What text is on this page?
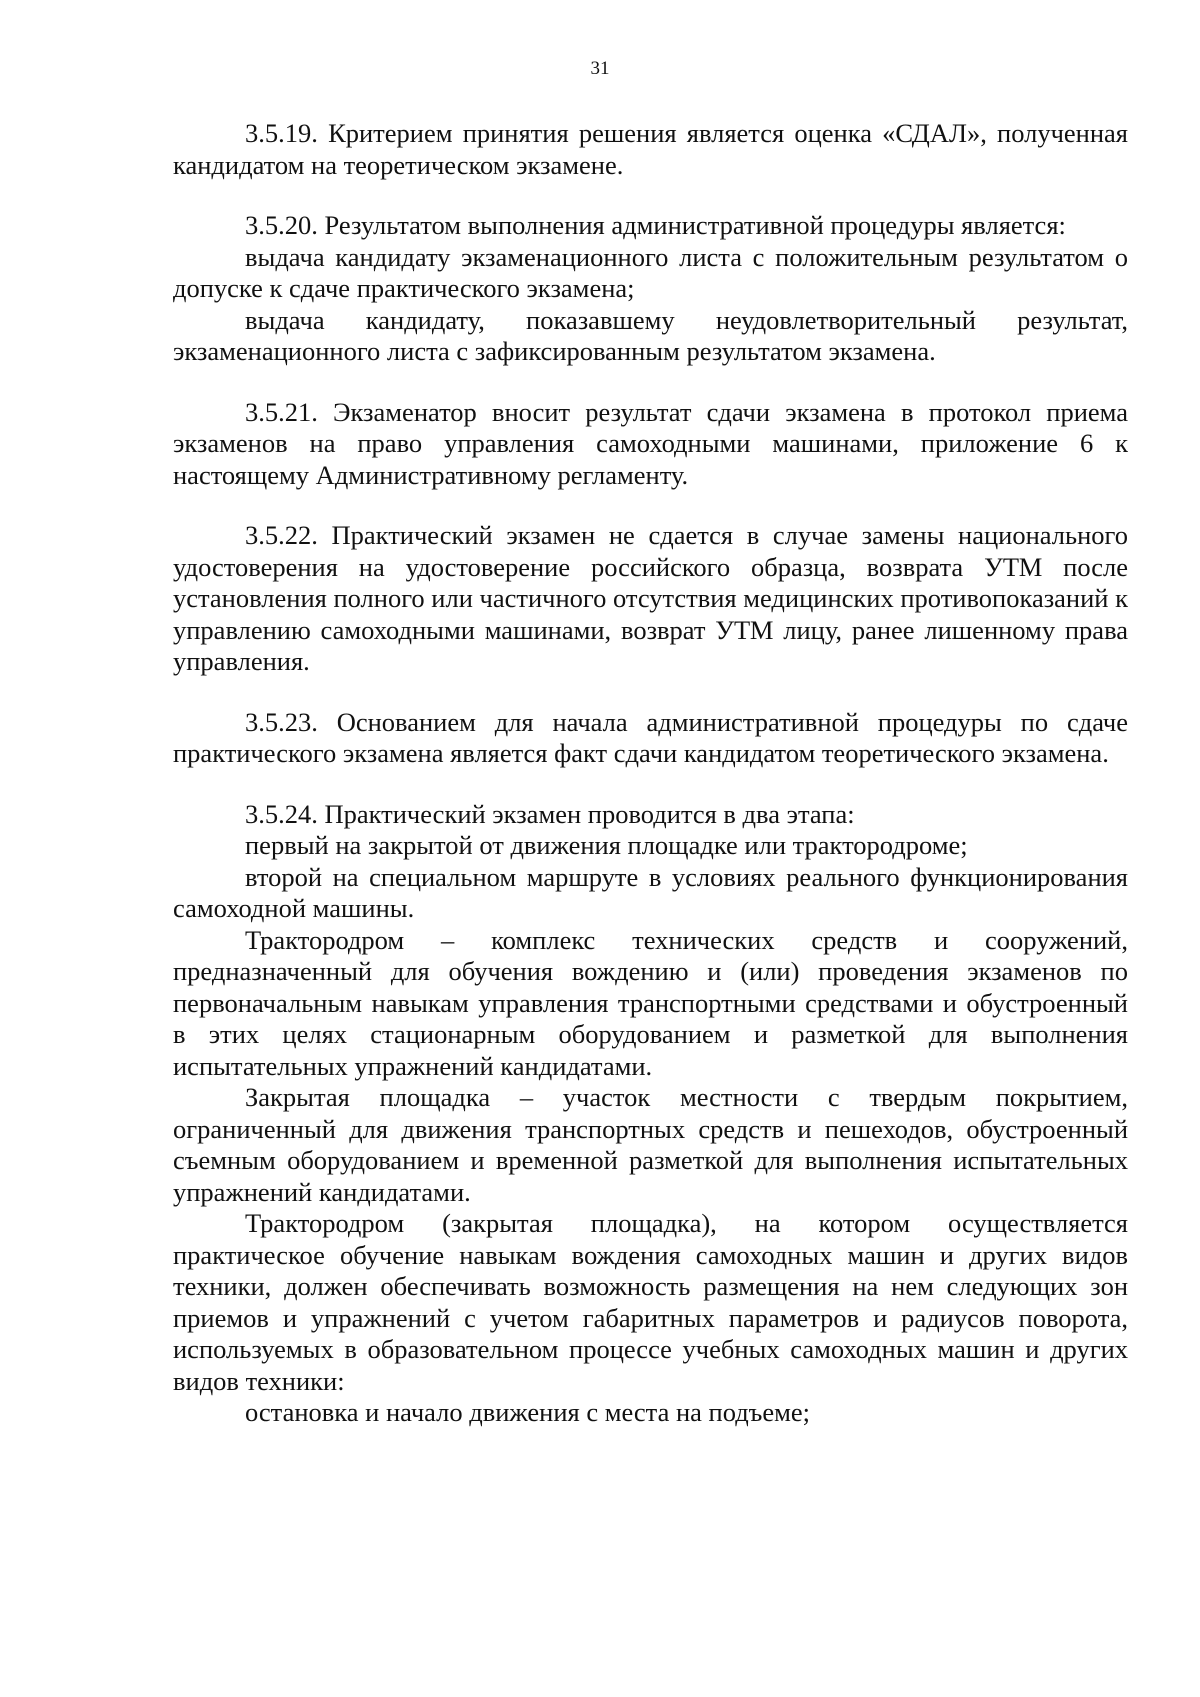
31

3.5.19. Критерием принятия решения является оценка «СДАЛ», полученная кандидатом на теоретическом экзамене.

3.5.20. Результатом выполнения административной процедуры является:

выдача кандидату экзаменационного листа с положительным результатом о допуске к сдаче практического экзамена;

выдача кандидату, показавшему неудовлетворительный результат, экзаменационного листа с зафиксированным результатом экзамена.

3.5.21. Экзаменатор вносит результат сдачи экзамена в протокол приема экзаменов на право управления самоходными машинами, приложение 6 к настоящему Административному регламенту.

3.5.22. Практический экзамен не сдается в случае замены национального удостоверения на удостоверение российского образца, возврата УТМ после установления полного или частичного отсутствия медицинских противопоказаний к управлению самоходными машинами, возврат УТМ лицу, ранее лишенному права управления.

3.5.23. Основанием для начала административной процедуры по сдаче практического экзамена является факт сдачи кандидатом теоретического экзамена.

3.5.24. Практический экзамен проводится в два этапа:

первый на закрытой от движения площадке или трактородроме;

второй на специальном маршруте в условиях реального функционирования самоходной машины.

Трактородром – комплекс технических средств и сооружений, предназначенный для обучения вождению и (или) проведения экзаменов по первоначальным навыкам управления транспортными средствами и обустроенный в этих целях стационарным оборудованием и разметкой для выполнения испытательных упражнений кандидатами.

Закрытая площадка – участок местности с твердым покрытием, ограниченный для движения транспортных средств и пешеходов, обустроенный съемным оборудованием и временной разметкой для выполнения испытательных упражнений кандидатами.

Трактородром (закрытая площадка), на котором осуществляется практическое обучение навыкам вождения самоходных машин и других видов техники, должен обеспечивать возможность размещения на нем следующих зон приемов и упражнений с учетом габаритных параметров и радиусов поворота, используемых в образовательном процессе учебных самоходных машин и других видов техники:

остановка и начало движения с места на подъеме;
